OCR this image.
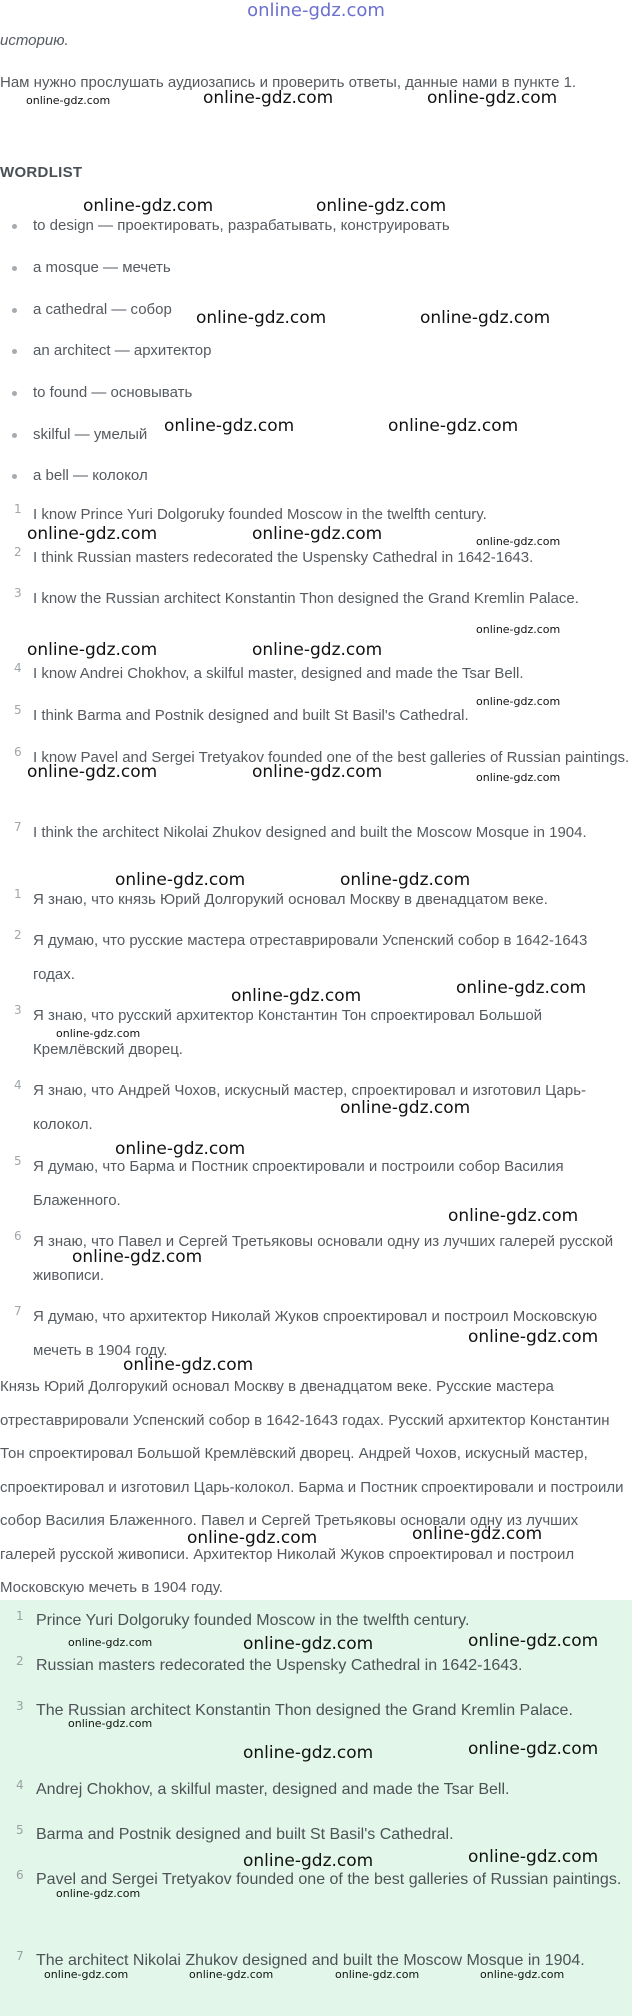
online-gdz.com
историю.
Нам нужно прослушать аудиозапись и проверить ответы, данные нами в пункте 1.
WORDLIST
to design — проектировать, разрабатывать, конструировать
a mosque — мечеть
a cathedral — собор
an architect — архитектор
to found — основывать
skilful — умелый
a bell — колокол
1 I know Prince Yuri Dolgoruky founded Moscow in the twelfth century.
2 I think Russian masters redecorated the Uspensky Cathedral in 1642-1643.
3 I know the Russian architect Konstantin Thon designed the Grand Kremlin Palace.
4 I know Andrei Chokhov, a skilful master, designed and made the Tsar Bell.
5 I think Barma and Postnik designed and built St Basil's Cathedral.
6 I know Pavel and Sergei Tretyakov founded one of the best galleries of Russian paintings.
7 I think the architect Nikolai Zhukov designed and built the Moscow Mosque in 1904.
1 Я знаю, что князь Юрий Долгорукий основал Москву в двенадцатом веке.
2 Я думаю, что русские мастера отреставрировали Успенский собор в 1642-1643 годах.
3 Я знаю, что русский архитектор Константин Тон спроектировал Большой Кремлёвский дворец.
4 Я знаю, что Андрей Чохов, искусный мастер, спроектировал и изготовил Царь-колокол.
5 Я думаю, что Барма и Постник спроектировали и построили собор Василия Блаженного.
6 Я знаю, что Павел и Сергей Третьяковы основали одну из лучших галерей русской живописи.
7 Я думаю, что архитектор Николай Жуков спроектировал и построил Московскую мечеть в 1904 году.
Князь Юрий Долгорукий основал Москву в двенадцатом веке. Русские мастера отреставрировали Успенский собор в 1642-1643 годах. Русский архитектор Константин Тон спроектировал Большой Кремлёвский дворец. Андрей Чохов, искусный мастер, спроектировал и изготовил Царь-колокол. Барма и Постник спроектировали и построили собор Василия Блаженного. Павел и Сергей Третьяковы основали одну из лучших галерей русской живописи. Архитектор Николай Жуков спроектировал и построил Московскую мечеть в 1904 году.
1 Prince Yuri Dolgoruky founded Moscow in the twelfth century.
2 Russian masters redecorated the Uspensky Cathedral in 1642-1643.
3 The Russian architect Konstantin Thon designed the Grand Kremlin Palace.
4 Andrej Chokhov, a skilful master, designed and made the Tsar Bell.
5 Barma and Postnik designed and built St Basil's Cathedral.
6 Pavel and Sergei Tretyakov founded one of the best galleries of Russian paintings.
7 The architect Nikolai Zhukov designed and built the Moscow Mosque in 1904.
online-gdz.com	online-gdz.com	online-gdz.com
online-gdz.com	online-gdz.com
online-gdz.com	online-gdz.com
online-gdz.com	online-gdz.com
online-gdz.com	online-gdz.com	online-gdz.com
online-gdz.com
online-gdz.com	online-gdz.com
online-gdz.com
online-gdz.com
online-gdz.com	online-gdz.com
online-gdz.com	online-gdz.com
online-gdz.com	online-gdz.com
online-gdz.com
online-gdz.com
online-gdz.com
online-gdz.com
online-gdz.com
online-gdz.com
online-gdz.com
online-gdz.com	online-gdz.com
online-gdz.com	online-gdz.com	online-gdz.com
online-gdz.com
online-gdz.com	online-gdz.com
online-gdz.com	online-gdz.com
online-gdz.com
online-gdz.com	online-gdz.com	online-gdz.com	online-gdz.com
